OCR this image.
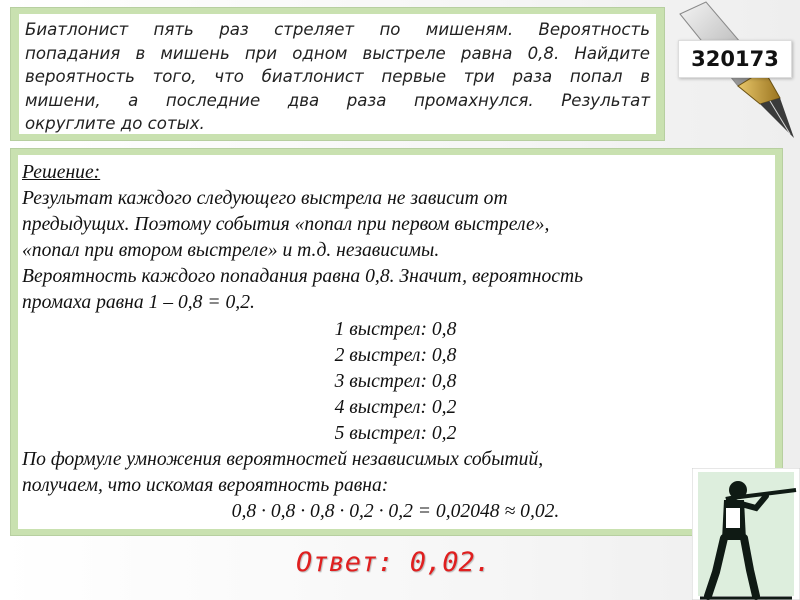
Биатлонист пять раз стреляет по мишеням. Вероятность
попадания в мишень при одном выстреле равна 0,8. Найдите
вероятность того, что биатлонист первые три раза попал в
мишени, а последние два раза промахнулся. Результат
округлите до сотых.

320173
Решение:
Результат каждого следующего выстрела не зависит от
предыдущих. Поэтому события «попал при первом выстреле»,
«попал при втором выстреле» и т.д. независимы.
Вероятность каждого попадания равна 0,8. Значит, вероятность
промаха равна 1 – 0,8 = 0,2.
1 выстрел: 0,8
2 выстрел: 0,8
3 выстрел: 0,8
4 выстрел: 0,2
5 выстрел: 0,2
По формуле умножения вероятностей независимых событий,
получаем, что искомая вероятность равна:
0,8 · 0,8 · 0,8 · 0,2 · 0,2 = 0,02048 ≈ 0,02.
Ответ: 0,02.
